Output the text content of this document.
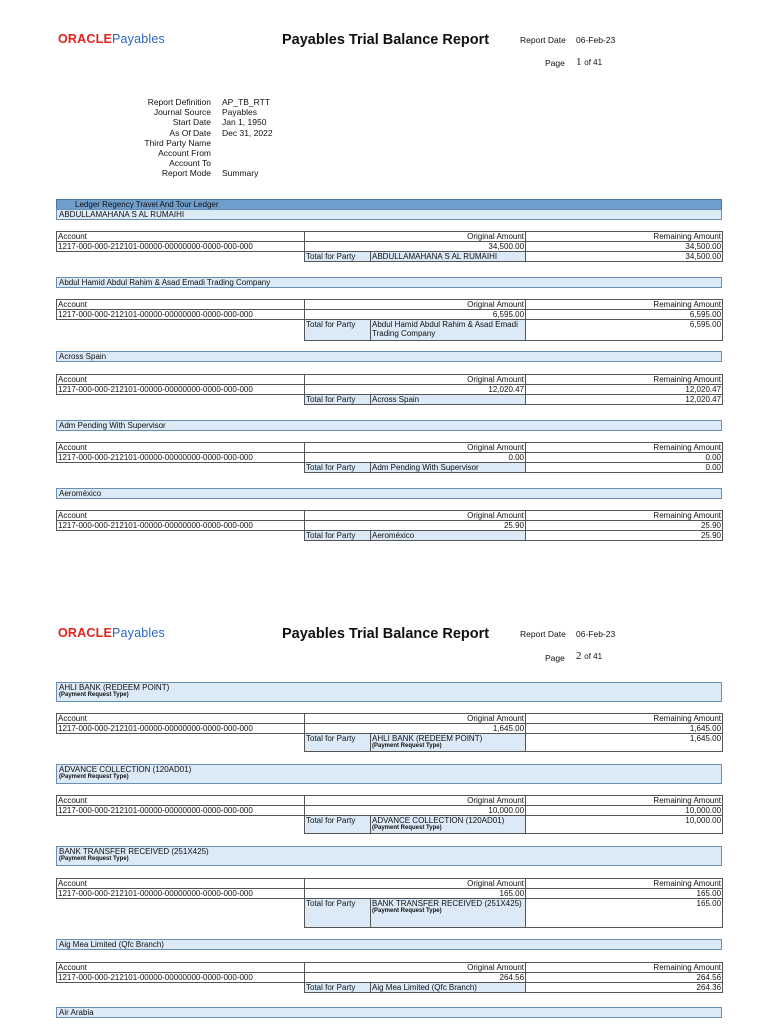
ORACLEPayables	Payables Trial Balance Report	Report Date 06-Feb-23
Page 1 of 41
Report Definition	AP_TB_RTT
Journal Source	Payables
Start Date	Jan 1, 1950
As Of Date	Dec 31, 2022
Third Party Name
Account From
Account To
Report Mode	Summary
Ledger Regency Travel And Tour Ledger
ABDULLAMAHANA S AL RUMAIHI
Account	Original Amount		Remaining Amount
1217-000-000-212101-00000-00000000-0000-000-000	34,500.00		34,500.00
	Total for Party	ABDULLAMAHANA S AL RUMAIHI	34,500.00
Abdul Hamid Abdul Rahim & Asad Emadi Trading Company
Account	Original Amount		Remaining Amount
1217-000-000-212101-00000-00000000-0000-000-000	6,595.00		6,595.00
	Total for Party	Abdul Hamid Abdul Rahim & Asad Emadi Trading Company	6,595.00
Across Spain
Account	Original Amount		Remaining Amount
1217-000-000-212101-00000-00000000-0000-000-000	12,020.47		12,020.47
	Total for Party	Across Spain	12,020.47
Adm Pending With Supervisor
Account	Original Amount		Remaining Amount
1217-000-000-212101-00000-00000000-0000-000-000	0.00		0.00
	Total for Party	Adm Pending With Supervisor	0.00
Aeroméxico
Account	Original Amount		Remaining Amount
1217-000-000-212101-00000-00000000-0000-000-000	25.90		25.90
	Total for Party	Aeroméxico	25.90
ORACLEPayables	Payables Trial Balance Report	Report Date 06-Feb-23
Page 2 of 41
AHLI BANK (REDEEM POINT)
(Payment Request Type)
Account	Original Amount		Remaining Amount
1217-000-000-212101-00000-00000000-0000-000-000	1,645.00		1,645.00
	Total for Party	AHLI BANK (REDEEM POINT)
(Payment Request Type)	1,645.00
ADVANCE COLLECTION (120AD01)
(Payment Request Type)
Account	Original Amount		Remaining Amount
1217-000-000-212101-00000-00000000-0000-000-000	10,000.00		10,000.00
	Total for Party	ADVANCE COLLECTION (120AD01)
(Payment Request Type)	10,000.00
BANK TRANSFER RECEIVED (251X425)
(Payment Request Type)
Account	Original Amount		Remaining Amount
1217-000-000-212101-00000-00000000-0000-000-000	165.00		165.00
	Total for Party	BANK TRANSFER RECEIVED (251X425)
(Payment Request Type)	165.00
Aig Mea Limited (Qfc Branch)
Account	Original Amount		Remaining Amount
1217-000-000-212101-00000-00000000-0000-000-000	264.56		264.56
	Total for Party	Aig Mea Limited (Qfc Branch)	264.36
Air Arabia
